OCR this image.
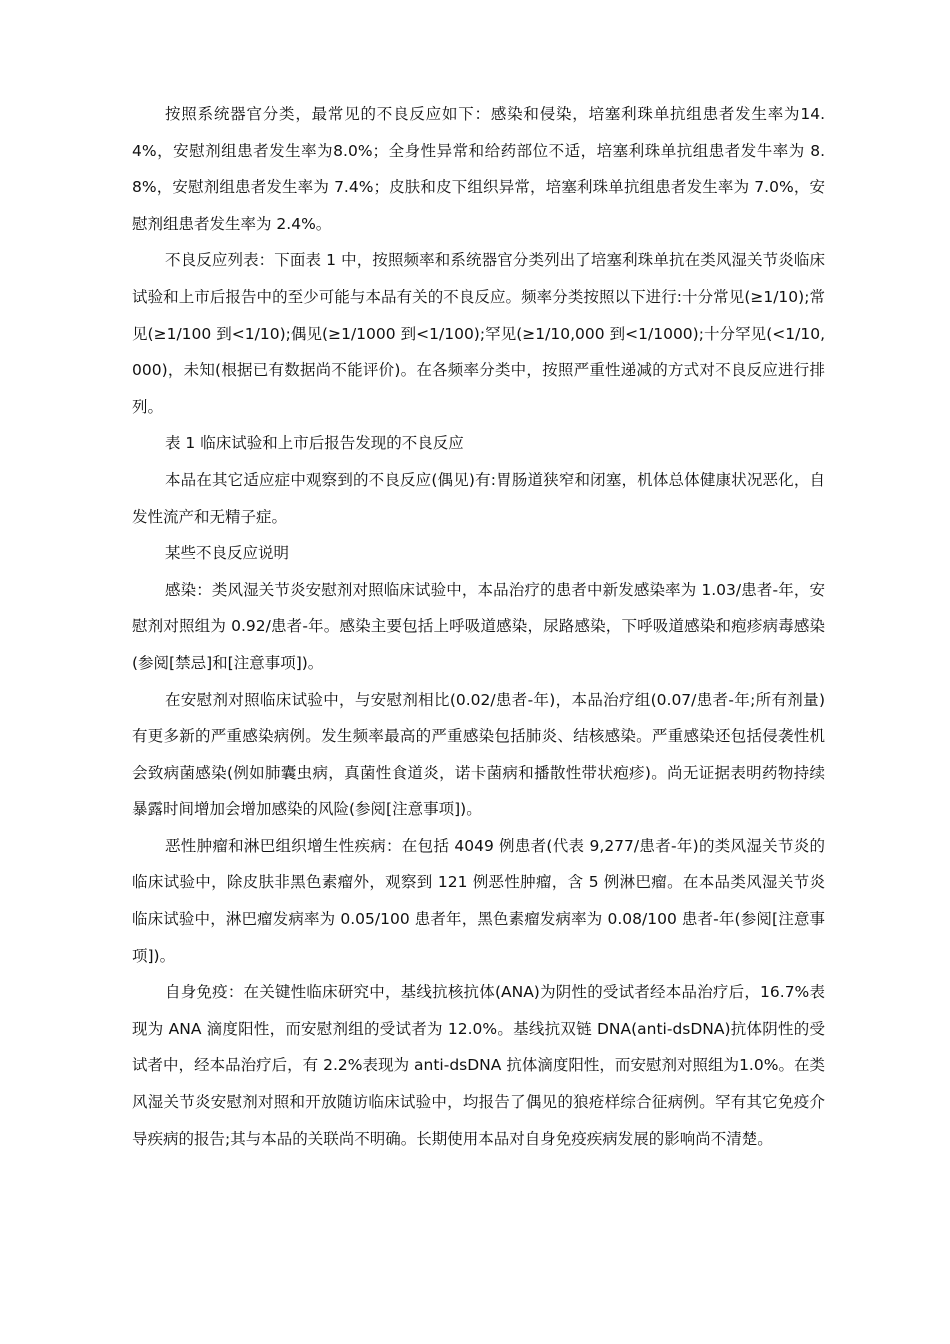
按照系统器官分类，最常见的不良反应如下：感染和侵染，培塞利珠单抗组患者发生率为14.4%，安慰剂组患者发生率为8.0%；全身性异常和给药部位不适，培塞利珠单抗组患者发牛率为 8.8%，安慰剂组患者发生率为 7.4%；皮肤和皮下组织异常，培塞利珠单抗组患者发生率为 7.0%，安慰剂组患者发生率为 2.4%。

不良反应列表：下面表 1 中，按照频率和系统器官分类列出了培塞利珠单抗在类风湿关节炎临床试验和上市后报告中的至少可能与本品有关的不良反应。频率分类按照以下进行:十分常见(≥1/10);常见(≥1/100 到<1/10);偶见(≥1/1000 到<1/100);罕见(≥1/10,000 到<1/1000);十分罕见(<1/10,000)，未知(根据已有数据尚不能评价)。在各频率分类中，按照严重性递减的方式对不良反应进行排列。

表 1 临床试验和上市后报告发现的不良反应

本品在其它适应症中观察到的不良反应(偶见)有:胃肠道狭窄和闭塞，机体总体健康状况恶化，自发性流产和无精子症。

某些不良反应说明

感染：类风湿关节炎安慰剂对照临床试验中，本品治疗的患者中新发感染率为 1.03/患者-年，安慰剂对照组为 0.92/患者-年。感染主要包括上呼吸道感染，尿路感染，下呼吸道感染和疱疹病毒感染(参阅[禁忌]和[注意事项])。

在安慰剂对照临床试验中，与安慰剂相比(0.02/患者-年)，本品治疗组(0.07/患者-年;所有剂量)有更多新的严重感染病例。发生频率最高的严重感染包括肺炎、结核感染。严重感染还包括侵袭性机会致病菌感染(例如肺囊虫病，真菌性食道炎，诺卡菌病和播散性带状疱疹)。尚无证据表明药物持续暴露时间增加会增加感染的风险(参阅[注意事项])。

恶性肿瘤和淋巴组织增生性疾病：在包括 4049 例患者(代表 9,277/患者-年)的类风湿关节炎的临床试验中，除皮肤非黑色素瘤外，观察到 121 例恶性肿瘤，含 5 例淋巴瘤。在本品类风湿关节炎临床试验中，淋巴瘤发病率为 0.05/100 患者年，黑色素瘤发病率为 0.08/100 患者-年(参阅[注意事项])。

自身免疫：在关键性临床研究中，基线抗核抗体(ANA)为阴性的受试者经本品治疗后，16.7%表现为 ANA 滴度阳性，而安慰剂组的受试者为 12.0%。基线抗双链 DNA(anti-dsDNA)抗体阴性的受试者中，经本品治疗后，有 2.2%表现为 anti-dsDNA 抗体滴度阳性，而安慰剂对照组为1.0%。在类风湿关节炎安慰剂对照和开放随访临床试验中，均报告了偶见的狼疮样综合征病例。罕有其它免疫介导疾病的报告;其与本品的关联尚不明确。长期使用本品对自身免疫疾病发展的影响尚不清楚。
